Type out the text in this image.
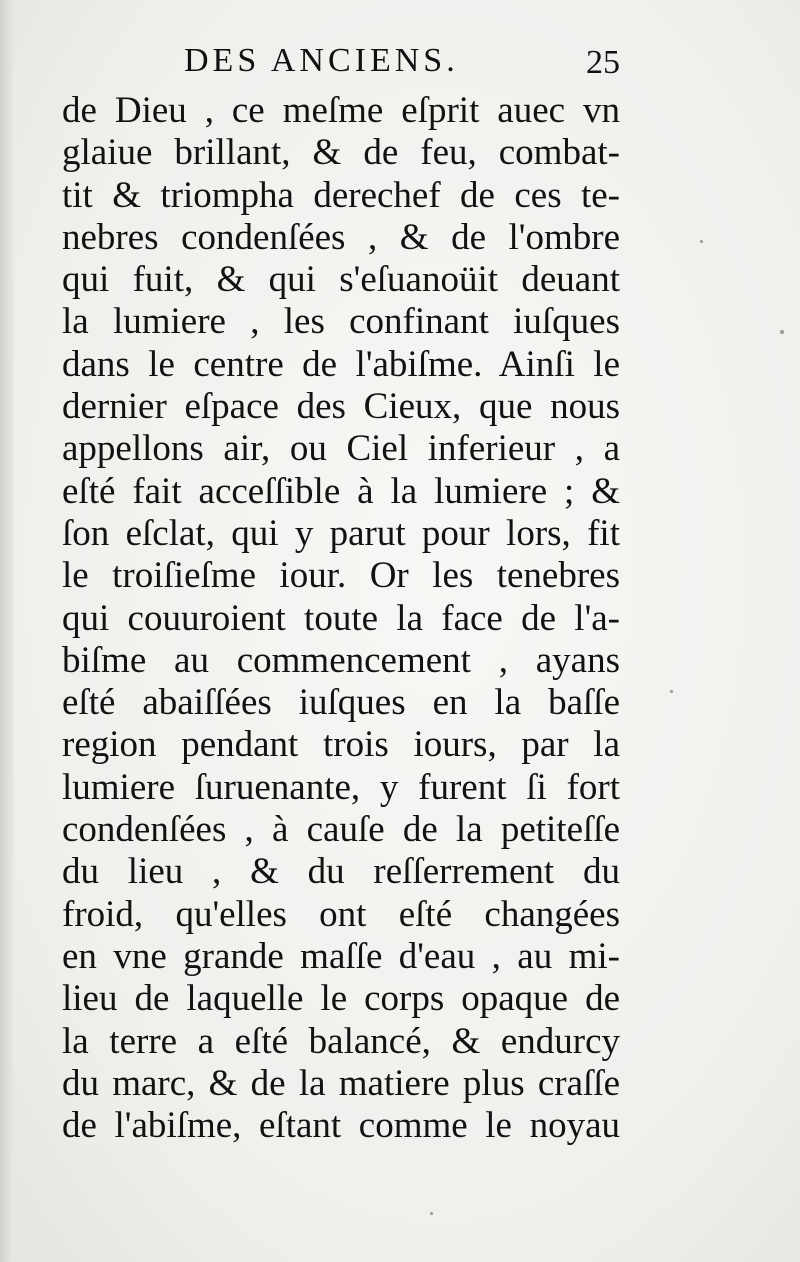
DES ANCIENS.	25
de Dieu , ce meſme eſprit auec vn
glaiue brillant, & de feu, combat-
tit & triompha derechef de ces te-
nebres condenſées , & de l'ombre
qui fuit, & qui s'eſuanoüit deuant
la lumiere , les confinant iuſques
dans le centre de l'abiſme. Ainſi le
dernier eſpace des Cieux, que nous
appellons air, ou Ciel inferieur , a
eſté fait acceſſible à la lumiere ; &
ſon eſclat, qui y parut pour lors, fit
le troiſieſme iour. Or les tenebres
qui couuroient toute la face de l'a-
biſme au commencement , ayans
eſté abaiſſées iuſques en la baſſe
region pendant trois iours, par la
lumiere ſuruenante, y furent ſi fort
condenſées , à cauſe de la petiteſſe
du lieu , & du reſſerrement du
froid, qu'elles ont eſté changées
en vne grande maſſe d'eau , au mi-
lieu de laquelle le corps opaque de
la terre a eſté balancé, & endurcy
du marc, & de la matiere plus craſſe
de l'abiſme, eſtant comme le noyau
